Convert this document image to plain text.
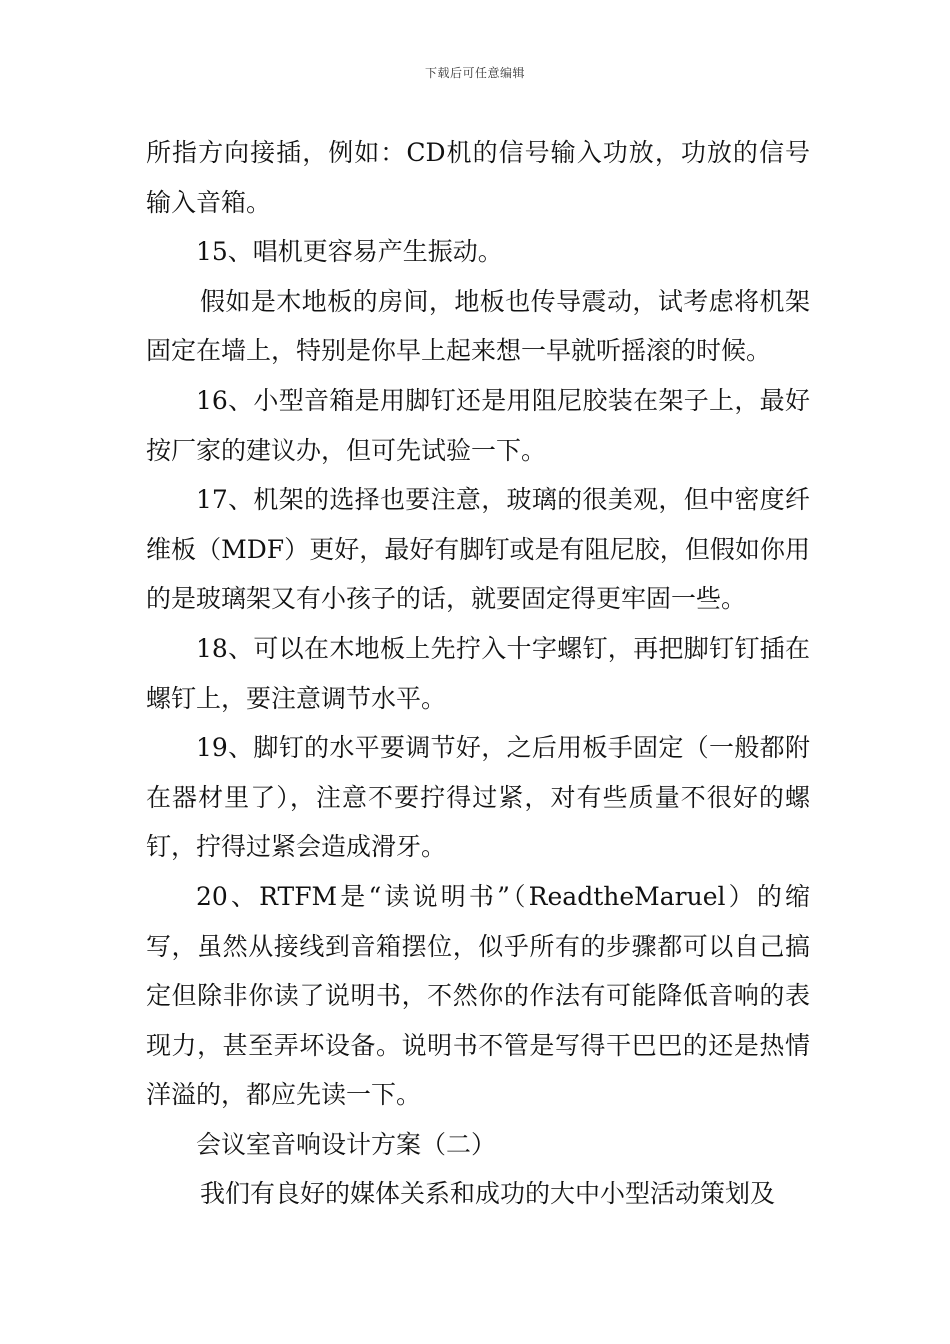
下载后可任意编辑

所指方向接插，例如：CD机的信号输入功放，功放的信号输入音箱。

15、唱机更容易产生振动。

假如是木地板的房间，地板也传导震动，试考虑将机架固定在墙上，特别是你早上起来想一早就听摇滚的时候。

16、小型音箱是用脚钉还是用阻尼胶装在架子上，最好按厂家的建议办，但可先试验一下。

17、机架的选择也要注意，玻璃的很美观，但中密度纤维板（MDF）更好，最好有脚钉或是有阻尼胶，但假如你用的是玻璃架又有小孩子的话，就要固定得更牢固一些。

18、可以在木地板上先拧入十字螺钉，再把脚钉钉插在螺钉上，要注意调节水平。

19、脚钉的水平要调节好，之后用板手固定（一般都附在器材里了），注意不要拧得过紧，对有些质量不很好的螺钉，拧得过紧会造成滑牙。

20、RTFM是“读说明书”（ReadtheMaruel）的缩写，虽然从接线到音箱摆位，似乎所有的步骤都可以自己搞定但除非你读了说明书，不然你的作法有可能降低音响的表现力，甚至弄坏设备。说明书不管是写得干巴巴的还是热情洋溢的，都应先读一下。

会议室音响设计方案（二）

我们有良好的媒体关系和成功的大中小型活动策划及
